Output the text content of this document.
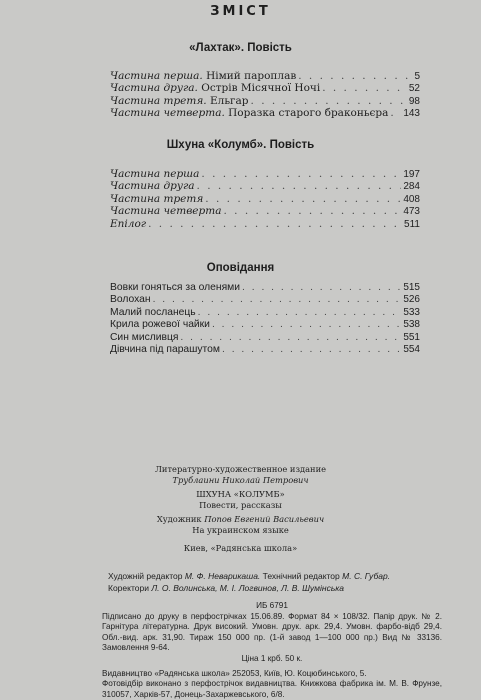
ЗМІСТ
«Лахтак». Повість
Частина перша. Німий пароплав . . .	5
Частина друга. Острів Місячної Ночі . . .	52
Частина третя. Ельгар . . .	98
Частина четверта. Поразка старого браконьєра . . . 143
Шхуна «Колумб». Повість
Частина перша . . .	197
Частина друга . . .	284
Частина третя . . .	408
Частина четверта . . .	473
Епілог . . .	511
Оповідання
Вовки гоняться за оленями . . .	515
Волохан . . .	526
Малий посланець . . .	533
Крила рожевої чайки . . .	538
Син мисливця . . .	551
Дівчина під парашутом . . .	554
Литературно-художественное издание
Трублаини Николай Петрович
ШХУНА «КОЛУМБ»
Повести, рассказы
Художник Попов Евгений Васильевич
На украинском языке
Киев, «Радянська школа»
Художній редактор М. Ф. Неварикаша. Технічний редактор М. С. Губар.
Коректори Л. О. Волинська, М. І. Логвинов, Л. В. Шумінська
ИБ 6791
Підписано до друку в перфострічках 15.06.89. Формат 84 × 108/32. Папір друк. № 2. Гарнітура літературна. Друк високий. Умовн. друк. арк. 29,4. Умовн. фарбо-відб 29,4. Обл.-вид. арк. 31,90. Тираж 150 000 пр. (1-й завод 1—100 000 пр.) Вид № 33136. Замовлення 9-64.
Ціна 1 крб. 50 к.
Видавництво «Радянська школа» 252053, Київ, Ю. Коцюбинського, 5.
Фотовідбір виконано з перфострічок видавництва. Книжкова фабрика ім. М. В. Фрунзе, 310057, Харків-57, Донець-Захаржевського, 6/8.
